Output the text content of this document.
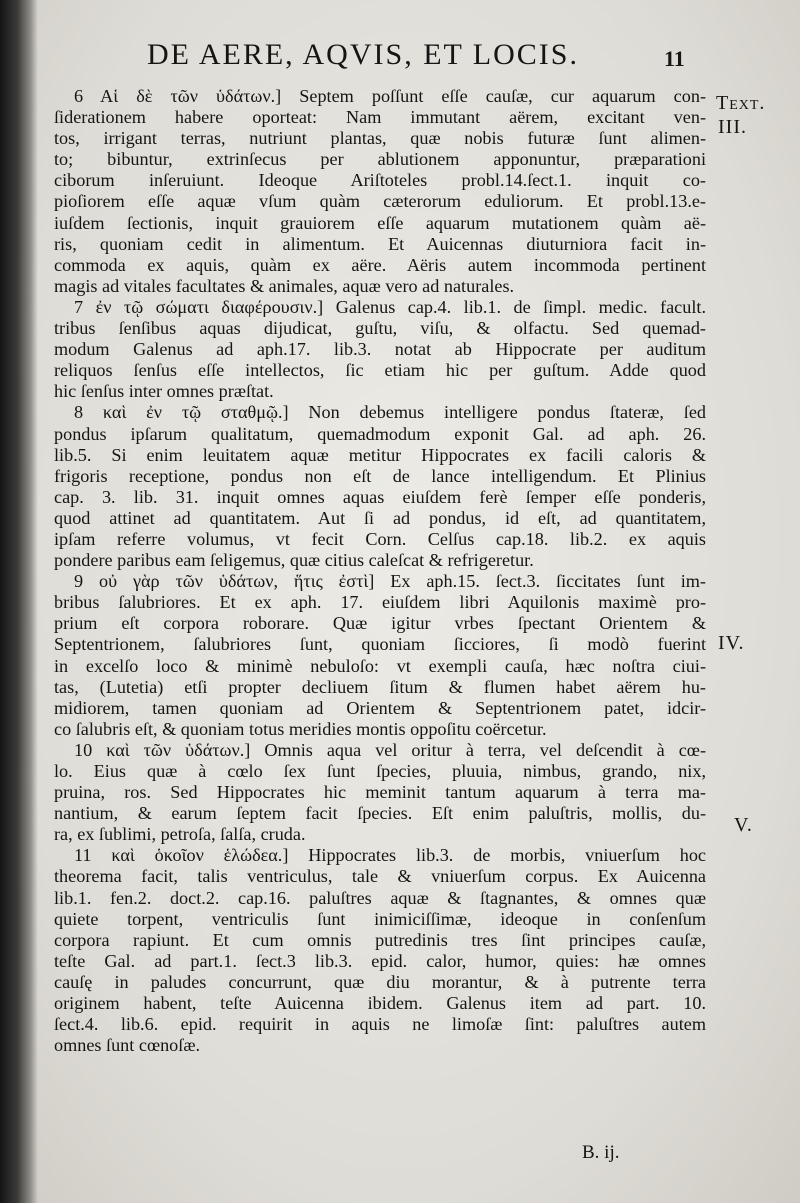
DE AERE, AQVIS, ET LOCIS.	11
Text.
III.
IV.
V.
6 Αἱ δὲ τῶν ὑδάτων.] Septem poſſunt eſſe cauſæ, cur aquarum con-
ſiderationem habere oporteat: Nam immutant aërem, excitant ven-
tos, irrigant terras, nutriunt plantas, quæ nobis futuræ ſunt alimen-
to; bibuntur, extrinſecus per ablutionem apponuntur, præparationi
ciborum inſeruiunt. Ideoque Ariſtoteles probl.14.ſect.1. inquit co-
pioſiorem eſſe aquæ vſum quàm cæterorum eduliorum. Et probl.13.e-
iuſdem ſectionis, inquit grauiorem eſſe aquarum mutationem quàm aë-
ris, quoniam cedit in alimentum. Et Auicennas diuturniora facit in-
commoda ex aquis, quàm ex aëre. Aëris autem incommoda pertinent
magis ad vitales facultates & animales, aquæ vero ad naturales.
7 ἐν τῷ σώματι διαφέρουσιν.] Galenus cap.4. lib.1. de ſimpl. medic. facult.
tribus ſenſibus aquas dijudicat, guſtu, viſu, & olfactu. Sed quemad-
modum Galenus ad aph.17. lib.3. notat ab Hippocrate per auditum
reliquos ſenſus eſſe intellectos, ſic etiam hic per guſtum. Adde quod
hic ſenſus inter omnes præſtat.
8 καὶ ἐν τῷ σταθμῷ.] Non debemus intelligere pondus ſtateræ, ſed
pondus ipſarum qualitatum, quemadmodum exponit Gal. ad aph. 26.
lib.5. Si enim leuitatem aquæ metitur Hippocrates ex facili caloris &
frigoris receptione, pondus non eſt de lance intelligendum. Et Plinius
cap. 3. lib. 31. inquit omnes aquas eiuſdem ferè ſemper eſſe ponderis,
quod attinet ad quantitatem. Aut ſi ad pondus, id eſt, ad quantitatem,
ipſam referre volumus, vt fecit Corn. Celſus cap.18. lib.2. ex aquis
pondere paribus eam ſeligemus, quæ citius caleſcat & refrigeretur.
9 οὐ γὰρ τῶν ὑδάτων, ἥτις ἐστὶ] Ex aph.15. ſect.3. ſiccitates ſunt im-
bribus ſalubriores. Et ex aph. 17. eiuſdem libri Aquilonis maximè pro-
prium eſt corpora roborare. Quæ igitur vrbes ſpectant Orientem &
Septentrionem, ſalubriores ſunt, quoniam ſicciores, ſi modò fuerint
in excelſo loco & minimè nebuloſo: vt exempli cauſa, hæc noſtra ciui-
tas, (Lutetia) etſi propter decliuem ſitum & flumen habet aërem hu-
midiorem, tamen quoniam ad Orientem & Septentrionem patet, idcir-
co ſalubris eſt, & quoniam totus meridies montis oppoſitu coërcetur.
10 καὶ τῶν ὑδάτων.] Omnis aqua vel oritur à terra, vel deſcendit à cœ-
lo. Eius quæ à cœlo ſex ſunt ſpecies, pluuia, nimbus, grando, nix,
pruina, ros. Sed Hippocrates hic meminit tantum aquarum à terra ma-
nantium, & earum ſeptem facit ſpecies. Eſt enim paluſtris, mollis, du-
ra, ex ſublimi, petroſa, ſalſa, cruda.
11 καὶ ὁκοῖον ἑλώδεα.] Hippocrates lib.3. de morbis, vniuerſum hoc
theorema facit, talis ventriculus, tale & vniuerſum corpus. Ex Auicenna
lib.1. fen.2. doct.2. cap.16. paluſtres aquæ & ſtagnantes, & omnes quæ
quiete torpent, ventriculis ſunt inimiciſſimæ, ideoque in conſenſum
corpora rapiunt. Et cum omnis putredinis tres ſint principes cauſæ,
teſte Gal. ad part.1. ſect.3 lib.3. epid. calor, humor, quies: hæ omnes
cauſę in paludes concurrunt, quæ diu morantur, & à putrente terra
originem habent, teſte Auicenna ibidem. Galenus item ad part. 10.
ſect.4. lib.6. epid. requirit in aquis ne limoſæ ſint: paluſtres autem
omnes ſunt cœnoſæ.
B. ij.
